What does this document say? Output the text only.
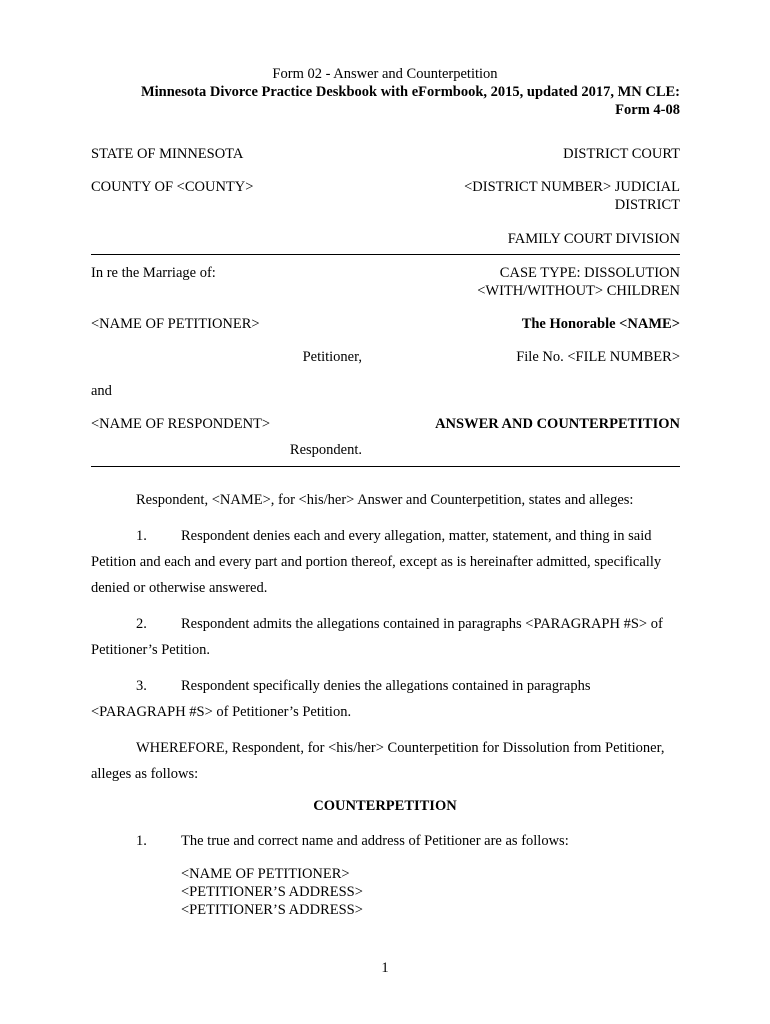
Form 02 - Answer and Counterpetition
Minnesota Divorce Practice Deskbook with eFormbook, 2015, updated 2017, MN CLE:
Form 4-08
STATE OF MINNESOTA	DISTRICT COURT
COUNTY OF <COUNTY>	<DISTRICT NUMBER> JUDICIAL
DISTRICT
FAMILY COURT DIVISION
In re the Marriage of:	CASE TYPE: DISSOLUTION
<WITH/WITHOUT> CHILDREN
<NAME OF PETITIONER>	The Honorable <NAME>
Petitioner,	File No. <FILE NUMBER>
and
<NAME OF RESPONDENT>	ANSWER AND COUNTERPETITION
Respondent.
Respondent, <NAME>, for <his/her> Answer and Counterpetition, states and alleges:
1. Respondent denies each and every allegation, matter, statement, and thing in said Petition and each and every part and portion thereof, except as is hereinafter admitted, specifically denied or otherwise answered.
2. Respondent admits the allegations contained in paragraphs <PARAGRAPH #S> of Petitioner’s Petition.
3. Respondent specifically denies the allegations contained in paragraphs <PARAGRAPH #S> of Petitioner’s Petition.
WHEREFORE, Respondent, for <his/her> Counterpetition for Dissolution from Petitioner, alleges as follows:
COUNTERPETITION
1. The true and correct name and address of Petitioner are as follows:
<NAME OF PETITIONER>
<PETITIONER’S ADDRESS>
<PETITIONER’S ADDRESS>
1
